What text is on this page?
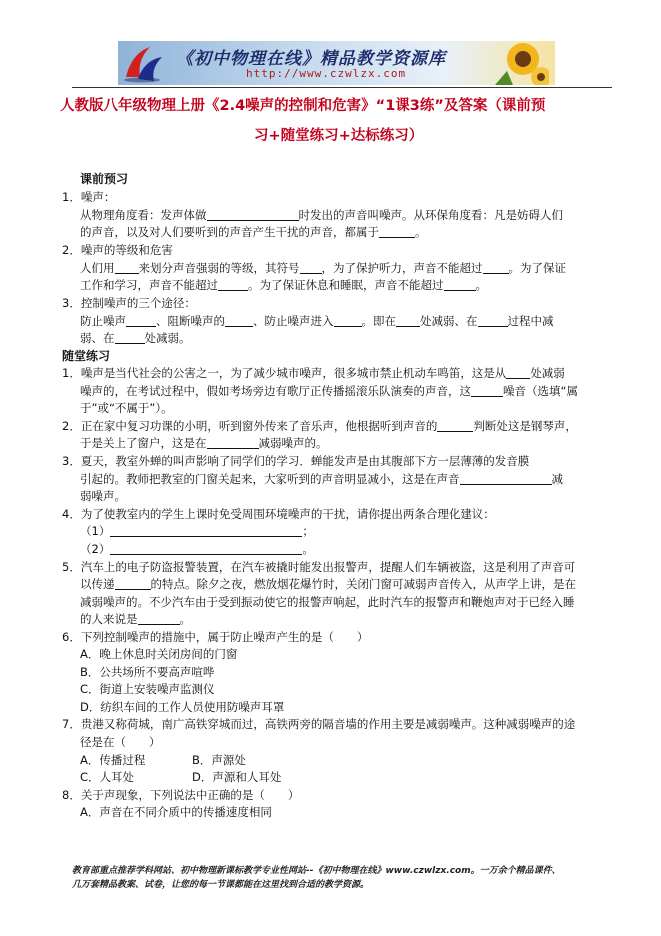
《初中物理在线》精品教学资源库
http://www.czwlzx.com
人教版八年级物理上册《2.4噪声的控制和危害》“1课3练”及答案（课前预
习+随堂练习+达标练习）
课前预习
1．噪声：
从物理角度看：发声体做	时发出的声音叫噪声。从环保角度看：凡是妨碍人们
的声音，以及对人们要听到的声音产生干扰的声音，都属于	。
2．噪声的等级和危害
人们用 来划分声音强弱的等级，其符号 ，为了保护听力，声音不能超过 。为了保证
工作和学习，声音不能超过	。为了保证休息和睡眠，声音不能超过	。
3．控制噪声的三个途径：
防止噪声	、阻断噪声的 、防止噪声进入 。即在 处减弱、在	过程中减
弱、在	处减弱。
随堂练习
1．噪声是当代社会的公害之一，为了减少城市噪声，很多城市禁止机动车鸣笛，这是从 处减弱
噪声的，在考试过程中，假如考场旁边有歌厅正传播摇滚乐队演奏的声音，这	噪音（选填“属
于”或“不属于”）。
2．正在家中复习功课的小明，听到窗外传来了音乐声，他根据听到声音的	判断处这是钢琴声，
于是关上了窗户，这是在	减弱噪声的。
3．夏天，教室外蝉的叫声影响了同学们的学习．蝉能发声是由其腹部下方一层薄薄的发音膜
引起的。教师把教室的门窗关起来，大家听到的声音明显减小，这是在声音	减
弱噪声。
4．为了使教室内的学生上课时免受周围环境噪声的干扰，请你提出两条合理化建议：
（1）	；
（2）	。
5．汽车上的电子防盗报警装置，在汽车被撬时能发出报警声，提醒人们车辆被盗，这是利用了声音可
以传递	的特点。除夕之夜，燃放烟花爆竹时，关闭门窗可减弱声音传入，从声学上讲，是在
减弱噪声的。不少汽车由于受到振动使它的报警声响起，此时汽车的报警声和鞭炮声对于已经入睡
的人来说是	。
6．下列控制噪声的措施中，属于防止噪声产生的是（　　）
A．晚上休息时关闭房间的门窗
B．公共场所不要高声喧哗
C．街道上安装噪声监测仪
D．纺织车间的工作人员使用防噪声耳罩
7．贵港又称荷城，南广高铁穿城而过，高铁两旁的隔音墙的作用主要是减弱噪声。这种减弱噪声的途
径是在（　　）
A．传播过程	B．声源处
C．人耳处	D．声源和人耳处
8．关于声现象，下列说法中正确的是（　　）
A．声音在不同介质中的传播速度相同
教育部重点推荐学科网站、初中物理新课标教学专业性网站--《初中物理在线》www.czwlzx.com。一万余个精品课件、
几万套精品教案、试卷，让您的每一节课都能在这里找到合适的教学资源。
